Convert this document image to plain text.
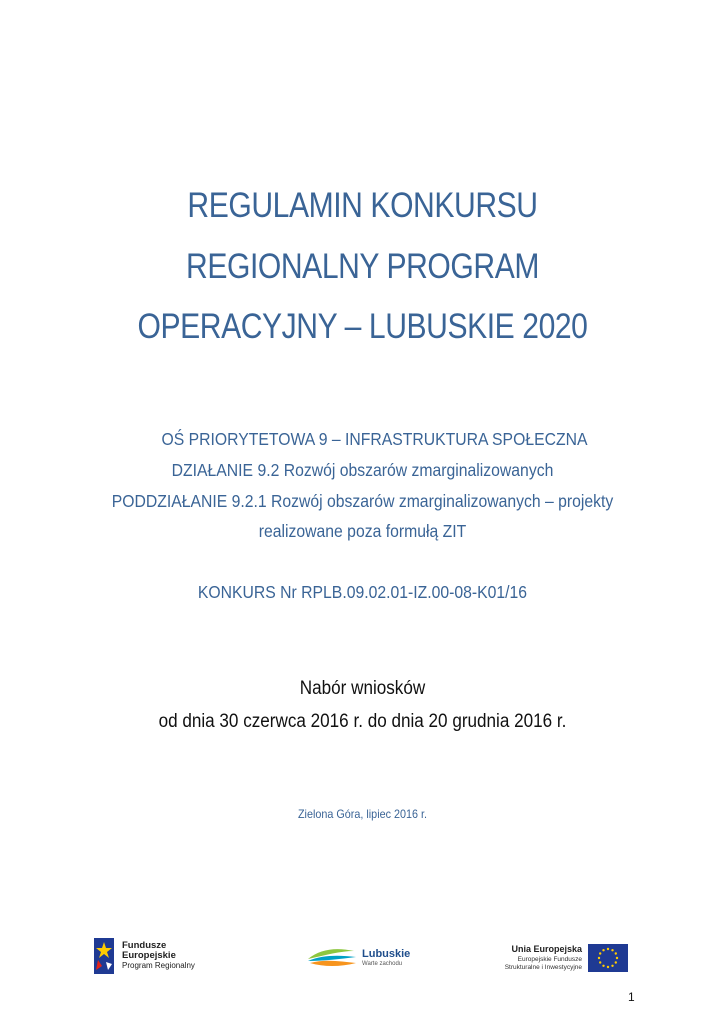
REGULAMIN KONKURSU
REGIONALNY PROGRAM
OPERACYJNY – LUBUSKIE 2020
OŚ PRIORYTETOWA 9 – INFRASTRUKTURA SPOŁECZNA
DZIAŁANIE 9.2 Rozwój obszarów zmarginalizowanych
PODDZIAŁANIE 9.2.1 Rozwój obszarów zmarginalizowanych – projekty
realizowane poza formułą ZIT
KONKURS Nr RPLB.09.02.01-IZ.00-08-K01/16
Nabór wniosków
od dnia 30 czerwca 2016 r. do dnia 20 grudnia 2016 r.
Zielona Góra, lipiec 2016 r.
Fundusze
Europejskie
Program Regionalny
Lubuskie
Warte zachodu
Unia Europejska
Europejskie Fundusze
Strukturalne i Inwestycyjne
1
